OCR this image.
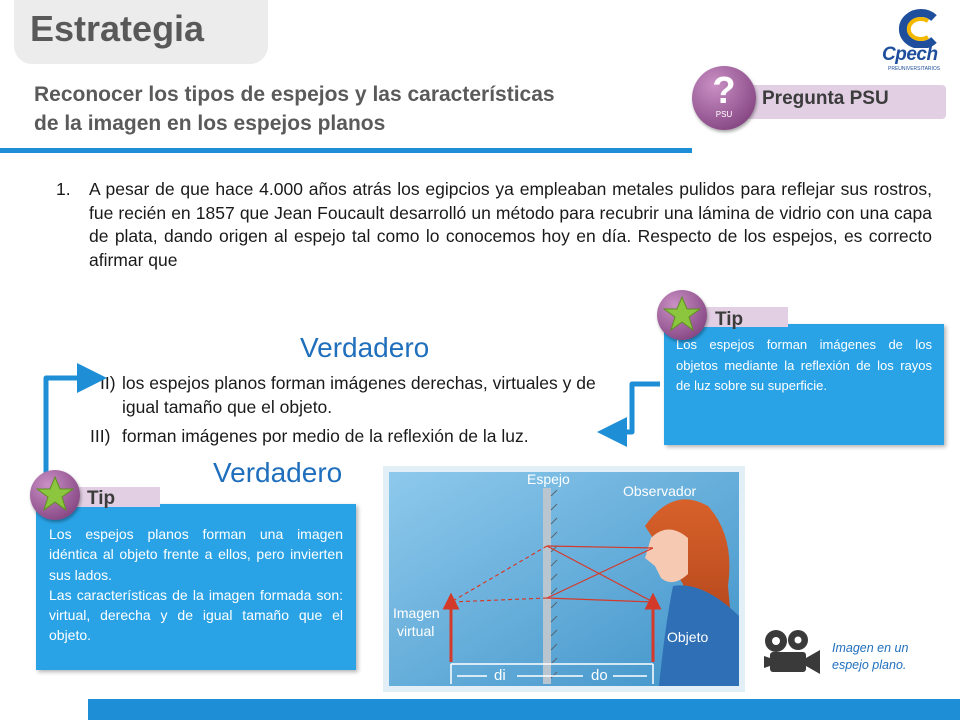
Estrategia
Cpech
PREUNIVERSITARIOS
Reconocer los tipos de espejos y las características
de la imagen en los espejos planos
Pregunta PSU
?
PSU
1. A pesar de que hace 4.000 años atrás los egipcios ya empleaban metales pulidos para reflejar sus rostros, fue recién en 1857 que Jean Foucault desarrolló un método para recubrir una lámina de vidrio con una capa de plata, dando origen al espejo tal como lo conocemos hoy en día. Respecto de los espejos, es correcto afirmar que
Verdadero
Verdadero
II) los espejos planos forman imágenes derechas, virtuales y de igual tamaño que el objeto.
III) forman imágenes por medio de la reflexión de la luz.
Los espejos forman imágenes de los objetos mediante la reflexión de los rayos de luz sobre su superficie.
Tip
Los espejos planos forman una imagen idéntica al objeto frente a ellos, pero invierten sus lados.
Las características de la imagen formada son: virtual, derecha y de igual tamaño que el objeto.
Tip
Espejo
Observador
Imagen
virtual	Objeto
di	do
Imagen en un espejo plano.
